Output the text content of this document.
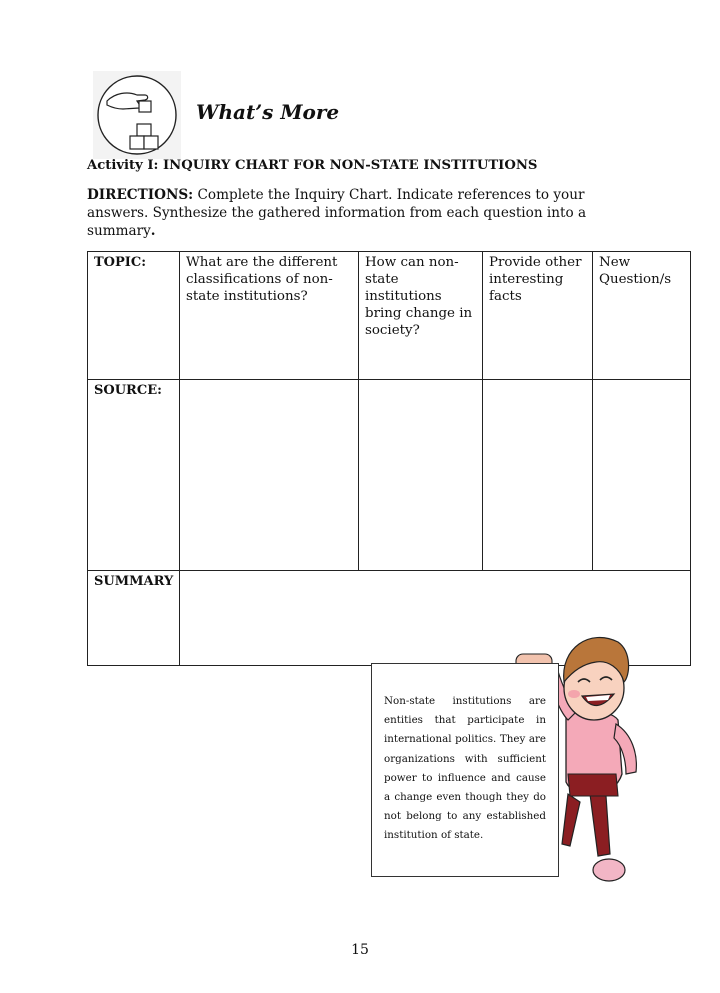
What’s More
Activity I: INQUIRY CHART FOR NON-STATE INSTITUTIONS
DIRECTIONS: Complete the Inquiry Chart. Indicate references to your answers. Synthesize the gathered information from each question into a summary.
TOPIC:	What are the different classifications of non-state institutions?	How can non-state institutions bring change in society?	Provide other interesting facts	New Question/s
SOURCE:				
SUMMARY				

Non-state institutions are entities that participate in international politics. They are organizations with sufficient power to influence and cause a change even though they do not belong to any established institution of state.

15
